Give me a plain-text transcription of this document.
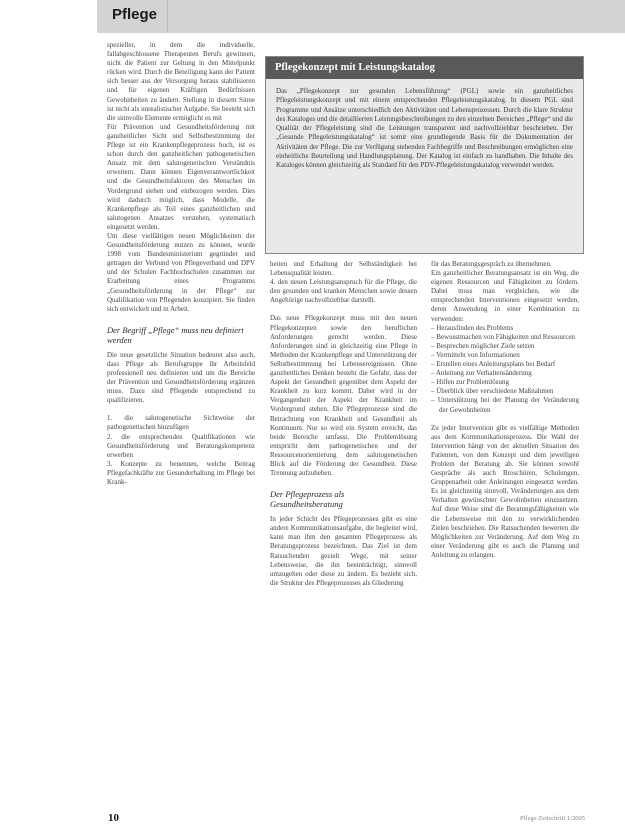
Pflege

spezieller, in dem die individuelle, fallabgeschlossene Therapeuten Berufs gewinnen, nicht die Patient zur Geltung in den Mittelpunkt rücken wird. Durch die Beteiligung kann der Patient sich besser aus der Versorgung heraus stabilisieren und für eigenen Kräftigen Bedürfnissen Gewohnheiten zu ändern. Stellung in diesem Sinne ist nicht als unrealistischer Aufgabe. Sie besteht sich die sinnvolle Elemente ermöglicht es mit

Für Prävention und Gesundheitsförderung mit ganzheitlicher Sicht und Selbstbestimmung der Pflege ist ein Krankenpflegeprozess hoch, ist es schon durch den ganzheitlichen pathogenetischen Ansatz mit dem salutogenetischen Verständnis erweitern. Dann können Eigenverantwortlichkeit und die Gesundheitsfaktoren des Menschen im Vordergrund stehen und einbezogen werden. Dies wird dadurch möglich, dass Modelle, die Krankenpflege als Teil eines ganzheitlichen und salutogenen Ansatzes verstehen, systematisch eingesetzt werden.

Um diese vielfältigen neuen Möglichkeiten der Gesundheitsförderung nutzen zu können, wurde 1998 vom Bundesministerium gegründet und getragen der Verbund von Pflegeverband und DPV und der Schulen Fachhochschulen zusammen zur Erarbeitung eines Programms „Gesundheitsförderung in der Pflege“ zur Qualifikation von Pflegenden konzipiert. Sie finden sich entwickelt und in Arbeit.

Der Begriff „Pflege“ muss neu definiert werden

Die neue gesetzliche Situation bedeutet also auch, dass Pflege als Berufsgruppe ihr Arbeitsfeld professionell neu definieren und um die Bereiche der Prävention und Gesundheitsförderung ergänzen muss. Dazu sind Pflegende entsprechend zu qualifizieren.

1. die salutogenetische Sichtweise der pathogenetischen hinzufügen

2. die entsprechenden Qualifikationen wie Gesundheitsförderung und Beratungskompetenz erwerben

3. Konzepte zu benennen, welche Beitrag Pflegefachkräfte zur Gesunderhaltung im Pflege bei Krank-

Pflegekonzept mit Leistungskatalog
Das „Pflegekonzept zur gesunden Lebensführung“ (PGL) sowie ein ganzheitliches Pflegeleistungskonzept und mit einem entsprechenden Pflegeleistungskatalog. In diesem PGL sind Programme und Ansätze unterschiedlich den Aktivitäten und Lebensprozessen. Durch die klare Struktur des Kataloges und die detaillierten Leistungsbeschreibungen zu den einzelnen Bereichen „Pflege“ und die Qualität der Pflegeleistung sind die Leistungen transparent und nachvollziehbar beschrieben. Der „Gesunde Pflegeleistungskatalog“ ist somit eine grundlegende Basis für die Dokumentation der Aktivitäten der Pflege. Die zur Verfügung stehenden Fachbegriffe und Beschreibungen ermöglichen eine einheitliche Beurteilung und Handlungsplanung. Der Katalog ist einfach zu handhaben. Die Inhalte des Kataloges können gleichzeitig als Standard für den PDV-Pflegeleistungskatalog verwendet werden.

heiten und Erhaltung der Selbständigkeit bei Lebensqualität leisten.

4. den neuen Leistungsanspruch für die Pflege, die den gesunden und kranken Menschen sowie dessen Angehörige nachvollziehbar darstellt.

Das neue Pflegekonzept muss mit den neuen Pflegekonzepten sowie den beruflichen Anforderungen gerecht werden. Diese Anforderungen sind in gleichzeitig eine Pflege in Methoden der Krankenpflege und Unterstützung der Selbstbestimmung bei Lebensereignissen. Ohne ganzheitliches Denken besteht die Gefahr, dass der Aspekt der Gesundheit gegenüber dem Aspekt der Krankheit zu kurz kommt. Daher wird in der Vergangenheit der Aspekt der Krankheit im Vordergrund stehen. Die Pflegeprozesse sind die Betrachtung von Krankheit und Gesundheit als Kontinuum. Nur so wird ein System erreicht, das beide Bereiche umfasst. Die Problemlösung entspricht dem pathogenetischen und der Ressourcenorientierung dem salutogenetischen Blick auf die Förderung der Gesundheit. Diese Trennung aufzuheben.

Der Pflegeprozess als Gesundheitsberatung

In jeder Schicht des Pflegeprozesses gibt es eine andere Kommunikationsaufgabe, die begleitet wird, kann man ihm den gesamten Pflegeprozess als Beratungsprozess bezeichnen. Das Ziel ist dem Ratsuchenden gezielt Wege, mit seiner Lebensweise, die ihn beeinträchtigt, sinnvoll umzugehen oder diese zu ändern. Es bezieht sich, die Struktur des Pflegeprozesses als Gliederung

für das Beratungsgespräch zu übernehmen.

Ein ganzheitlicher Beratungsansatz ist ein Weg, die eigenen Ressourcen und Fähigkeiten zu fördern. Dabei muss man vergleichen, wie die entsprechenden Interventionen eingesetzt werden, deren Anwendung in einer Kombination zu verwenden:

– Herausfinden des Problems
– Bewusstmachen von Fähigkeiten und Ressourcen
– Besprechen möglicher Ziele setzen
– Vermitteln von Informationen
– Erstellen eines Anleitungsplans bei Bedarf
– Anleitung zur Verhaltensänderung
– Hilfen zur Problemlösung
– Überblick über verschiedene Maßnahmen
– Unterstützung bei der Planung der Veränderung der Gewohnheiten

Zu jeder Intervention gibt es vielfältige Methoden aus dem Kommunikationsprozess. Die Wahl der Intervention hängt von der aktuellen Situation des Patienten, von dem Konzept und dem jeweiligen Problem der Beratung ab. Sie können sowohl Gespräche als auch Broschüren, Schulungen, Gruppenarbeit oder Anleitungen eingesetzt werden. Es ist gleichzeitig sinnvoll, Veränderungen aus dem Verhalten gewünschter Gewohnheiten einzusetzen. Auf diese Weise sind die Beratungsfähigkeiten wie die Lebensweise mit den zu verwirklichenden Zielen beschrieben. Die Ratsuchenden bewerten die Möglichkeiten zur Veränderung. Auf dem Weg zu einer Veränderung gibt es auch die Planung und Anleitung zu erlangen.

10	Pflege Zeitschrift 1/2005
